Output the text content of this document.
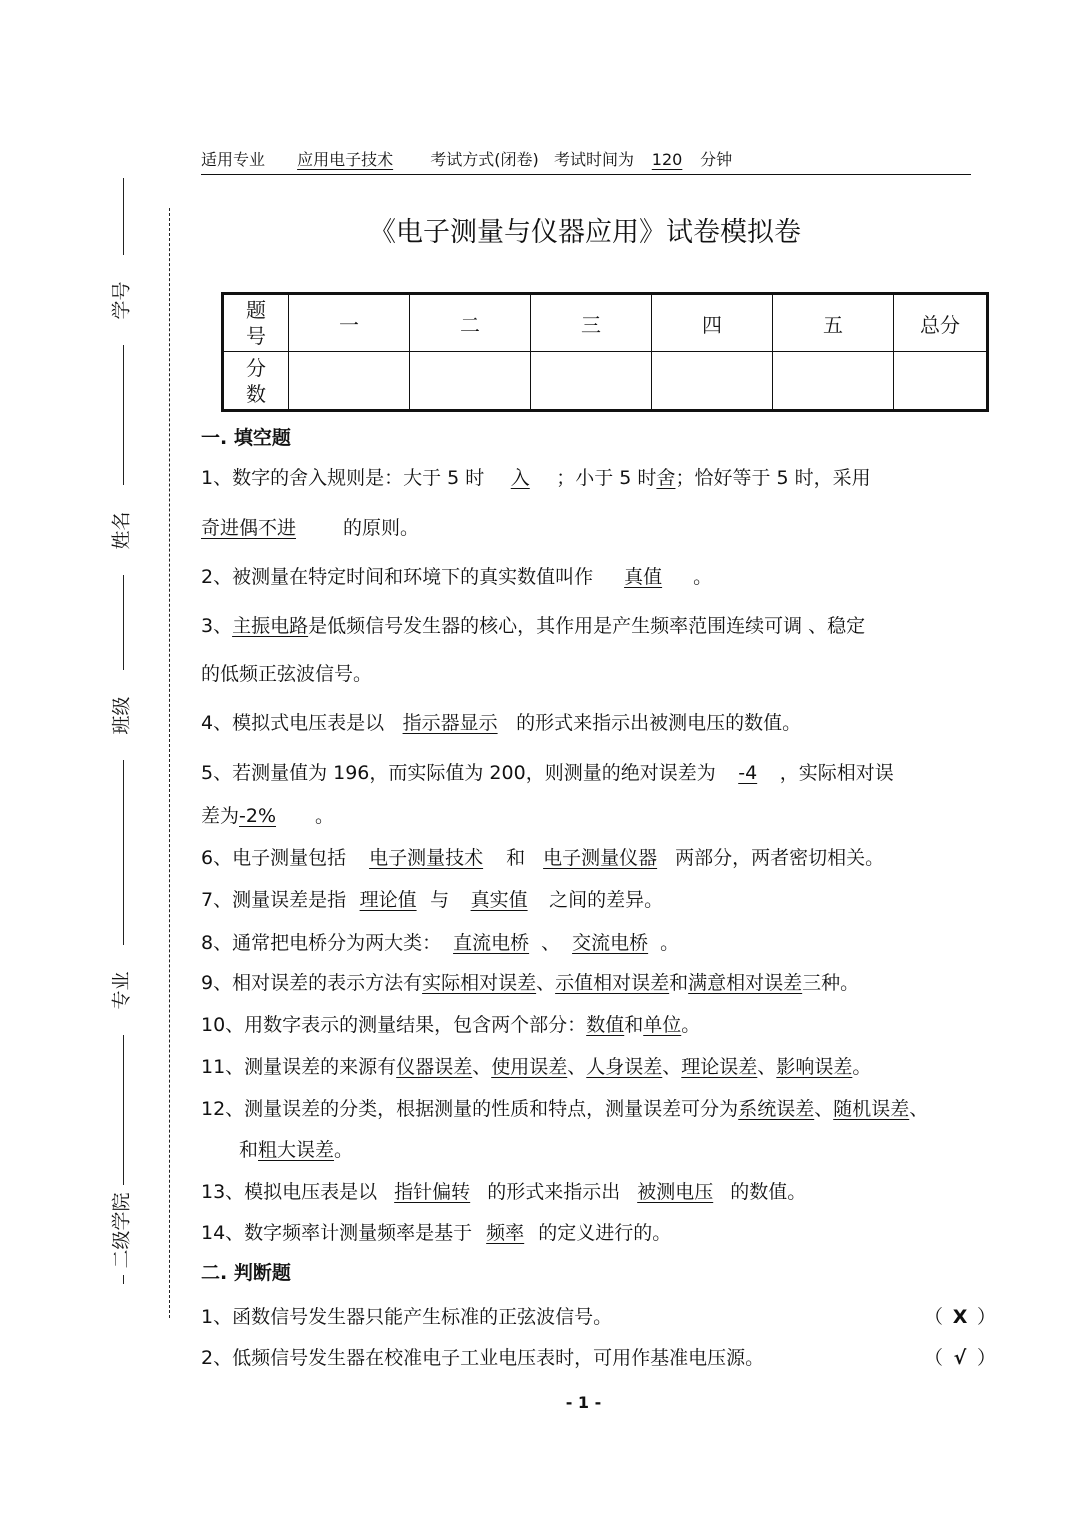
学号
姓名
班级
专业
二级学院
适用专业 应用电子技术 考试方式(闭卷) 考试时间为 120 分钟
《电子测量与仪器应用》试卷模拟卷
题
号	一	二	三	四	五	总分
分
数						
一. 填空题
1、数字的舍入规则是：大于 5 时 入 ；小于 5 时舍；恰好等于 5 时，采用
奇进偶不进 的原则。
2、被测量在特定时间和环境下的真实数值叫作 真值 。
3、主振电路是低频信号发生器的核心，其作用是产生频率范围连续可调 、稳定
的低频正弦波信号。
4、模拟式电压表是以 指示器显示 的形式来指示出被测电压的数值。
5、若测量值为 196，而实际值为 200，则测量的绝对误差为 -4 ，实际相对误
差为-2% 。
6、电子测量包括 电子测量技术 和 电子测量仪器 两部分，两者密切相关。
7、测量误差是指 理论值 与 真实值 之间的差异。
8、通常把电桥分为两大类： 直流电桥 、 交流电桥 。
9、相对误差的表示方法有实际相对误差、示值相对误差和满意相对误差三种。
10、用数字表示的测量结果，包含两个部分：数值和单位。
11、测量误差的来源有仪器误差、使用误差、人身误差、理论误差、影响误差。
12、测量误差的分类，根据测量的性质和特点，测量误差可分为系统误差、随机误差、
和粗大误差。
13、模拟电压表是以 指针偏转 的形式来指示出 被测电压 的数值。
14、数字频率计测量频率是基于 频率 的定义进行的。
二. 判断题
1、函数信号发生器只能产生标准的正弦波信号。	（ X ）
2、低频信号发生器在校准电子工业电压表时，可用作基准电压源。	（ √ ）
- 1 -
